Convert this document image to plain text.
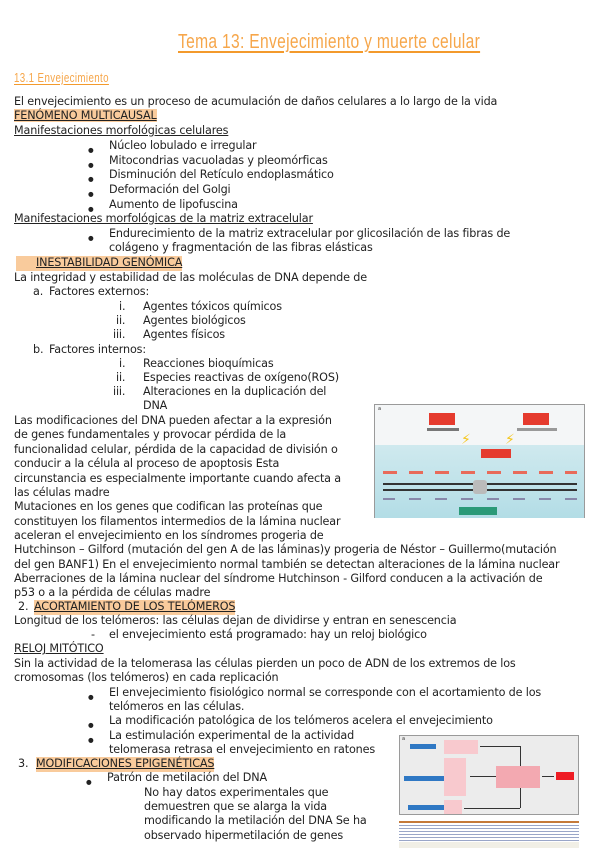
Tema 13: Envejecimiento y muerte celular
13.1 Envejecimiento
El envejecimiento es un proceso de acumulación de daños celulares a lo largo de la vida
FENÓMENO MULTICAUSAL
Manifestaciones morfológicas celulares
● Núcleo lobulado e irregular
● Mitocondrias vacuoladas y pleomórficas
● Disminución del Retículo endoplasmático
● Deformación del Golgi
● Aumento de lipofuscina
Manifestaciones morfológicas de la matriz extracelular
● Endurecimiento de la matriz extracelular por glicosilación de las fibras de
colágeno y fragmentación de las fibras elásticas
INESTABILIDAD GENÓMICA
La integridad y estabilidad de las moléculas de DNA depende de
a. Factores externos:
i. Agentes tóxicos químicos
ii. Agentes biológicos
iii. Agentes físicos
b. Factores internos:
i. Reacciones bioquímicas
ii. Especies reactivas de oxígeno(ROS)
iii. Alteraciones en la duplicación del
DNA
Las modificaciones del DNA pueden afectar a la expresión
de genes fundamentales y provocar pérdida de la
funcionalidad celular, pérdida de la capacidad de división o
conducir a la célula al proceso de apoptosis Esta
circunstancia es especialmente importante cuando afecta a
las células madre
Mutaciones en los genes que codifican las proteínas que
constituyen los filamentos intermedios de la lámina nuclear
aceleran el envejecimiento en los síndromes progeria de
Hutchinson – Gilford (mutación del gen A de las láminas)y progeria de Néstor – Guillermo(mutación
del gen BANF1) En el envejecimiento normal también se detectan alteraciones de la lámina nuclear
Aberraciones de la lámina nuclear del síndrome Hutchinson - Gilford conducen a la activación de
p53 o a la pérdida de células madre
a
⚡ ⚡
2. ACORTAMIENTO DE LOS TELÓMEROS
Longitud de los telómeros: las células dejan de dividirse y entran en senescencia
- el envejecimiento está programado: hay un reloj biológico
RELOJ MITÓTICO
Sin la actividad de la telomerasa las células pierden un poco de ADN de los extremos de los
cromosomas (los telómeros) en cada replicación
● El envejecimiento fisiológico normal se corresponde con el acortamiento de los
telómeros en las células.
● La modificación patológica de los telómeros acelera el envejecimiento
● La estimulación experimental de la actividad
telomerasa retrasa el envejecimiento en ratones
3. MODIFICACIONES EPIGENÉTICAS
● Patrón de metilación del DNA
No hay datos experimentales que
demuestren que se alarga la vida
modificando la metilación del DNA Se ha
observado hipermetilación de genes
a
